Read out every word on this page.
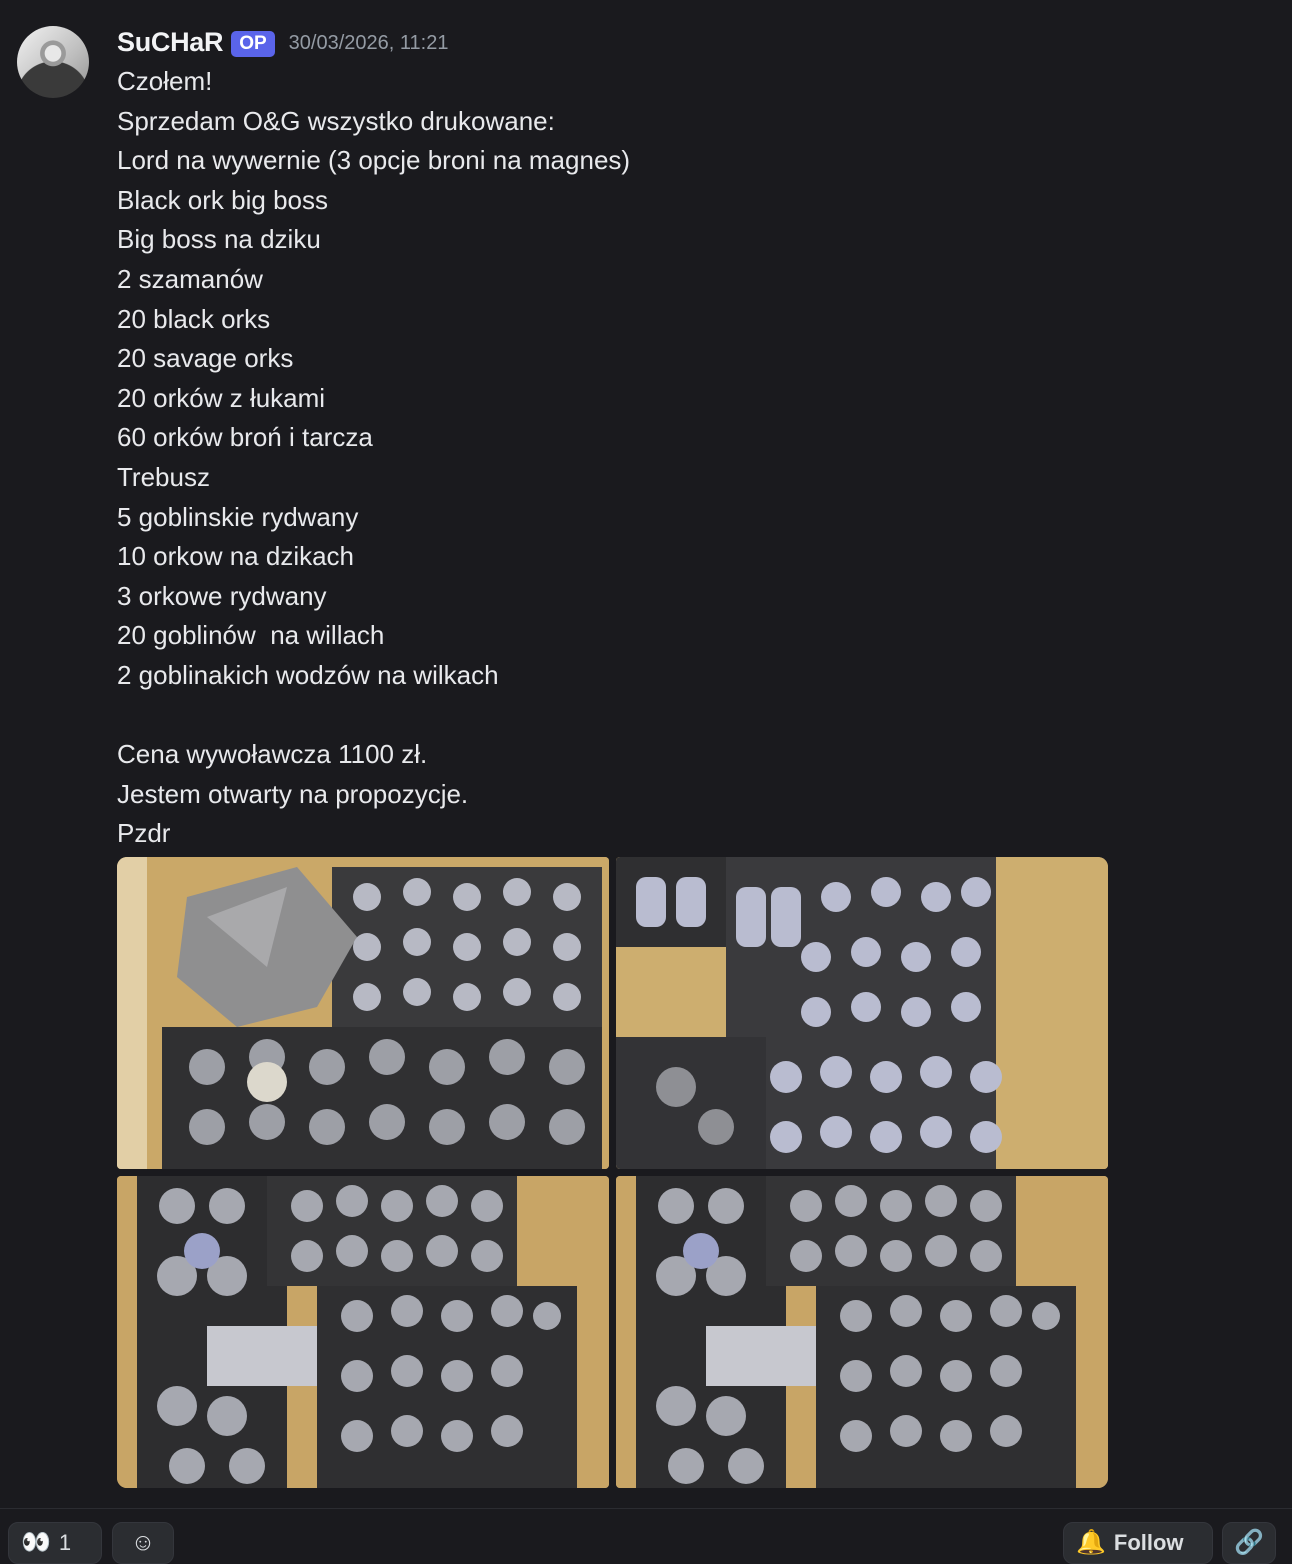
SuCHaR OP	30/03/2026, 11:21
Czołem!
Sprzedam O&G wszystko drukowane:
Lord na wywernie (3 opcje broni na magnes)
Black ork big boss
Big boss na dziku
2 szamanów
20 black orks
20 savage orks
20 orków z łukami
60 orków broń i tarcza
Trebusz
5 goblinskie rydwany
10 orkow na dzikach
3 orkowe rydwany
20 goblinów  na willach
2 goblinakich wodzów na wilkach
Cena wywoławcza 1100 zł.
Jestem otwarty na propozycje.
Pzdr
👀 1 ☺	🔔 Follow 🔗
